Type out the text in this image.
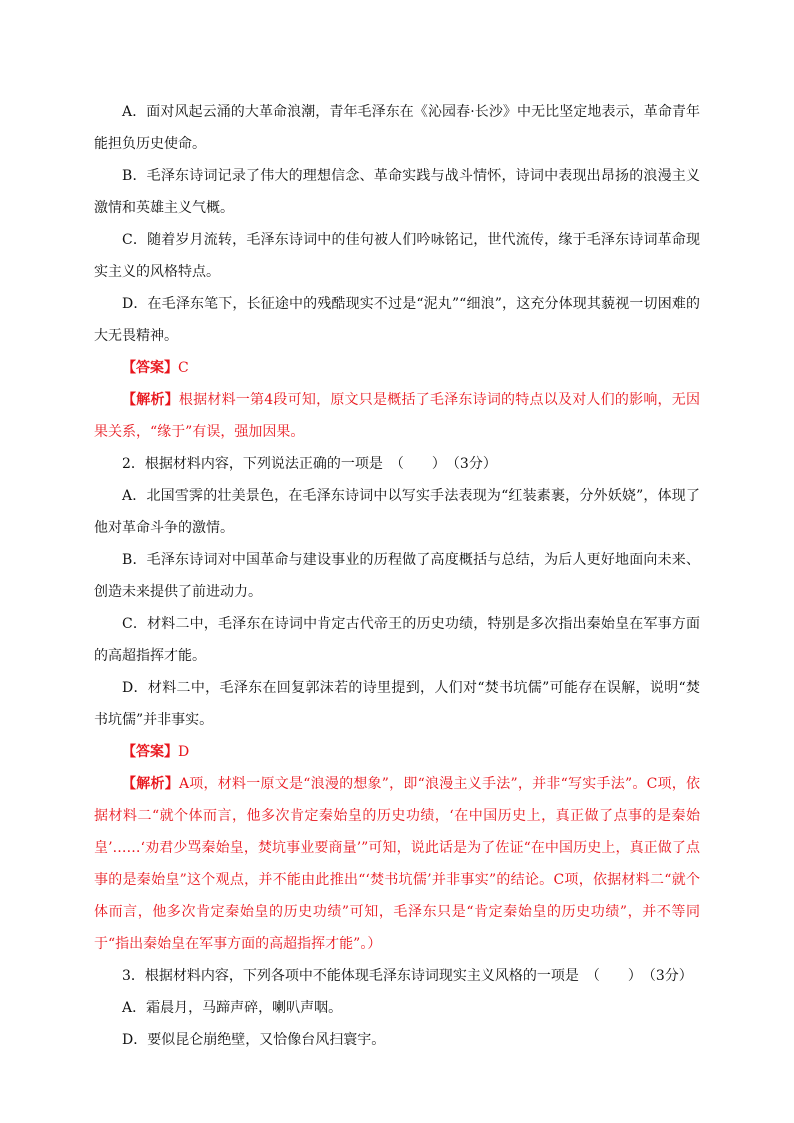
A．面对风起云涌的大革命浪潮，青年毛泽东在《沁园春·长沙》中无比坚定地表示，革命青年能担负历史使命。

B．毛泽东诗词记录了伟大的理想信念、革命实践与战斗情怀，诗词中表现出昂扬的浪漫主义激情和英雄主义气概。

C．随着岁月流转，毛泽东诗词中的佳句被人们吟咏铭记，世代流传，缘于毛泽东诗词革命现实主义的风格特点。

D．在毛泽东笔下，长征途中的残酷现实不过是“泥丸”“细浪”，这充分体现其藐视一切困难的大无畏精神。

【答案】C

【解析】根据材料一第4段可知，原文只是概括了毛泽东诗词的特点以及对人们的影响，无因果关系，“缘于”有误，强加因果。

2．根据材料内容，下列说法正确的一项是　（　　）　（3分）

A．北国雪霁的壮美景色，在毛泽东诗词中以写实手法表现为“红装素裹，分外妖娆”，体现了他对革命斗争的激情。

B．毛泽东诗词对中国革命与建设事业的历程做了高度概括与总结，为后人更好地面向未来、创造未来提供了前进动力。

C．材料二中，毛泽东在诗词中肯定古代帝王的历史功绩，特别是多次指出秦始皇在军事方面的高超指挥才能。

D．材料二中，毛泽东在回复郭沫若的诗里提到，人们对“焚书坑儒”可能存在误解，说明“焚书坑儒”并非事实。

【答案】D

【解析】A项，材料一原文是“浪漫的想象”，即“浪漫主义手法”，并非“写实手法”。C项，依据材料二“就个体而言，他多次肯定秦始皇的历史功绩，‘在中国历史上，真正做了点事的是秦始皇’……‘劝君少骂秦始皇，焚坑事业要商量’”可知，说此话是为了佐证“在中国历史上，真正做了点事的是秦始皇”这个观点，并不能由此推出“‘焚书坑儒’并非事实”的结论。C项，依据材料二“就个体而言，他多次肯定秦始皇的历史功绩”可知，毛泽东只是“肯定秦始皇的历史功绩”，并不等同于“指出秦始皇在军事方面的高超指挥才能”。）

3．根据材料内容，下列各项中不能体现毛泽东诗词现实主义风格的一项是　（　　）　（3分）

A．霜晨月，马蹄声碎，喇叭声咽。

D．要似昆仑崩绝壁，又恰像台风扫寰宇。
